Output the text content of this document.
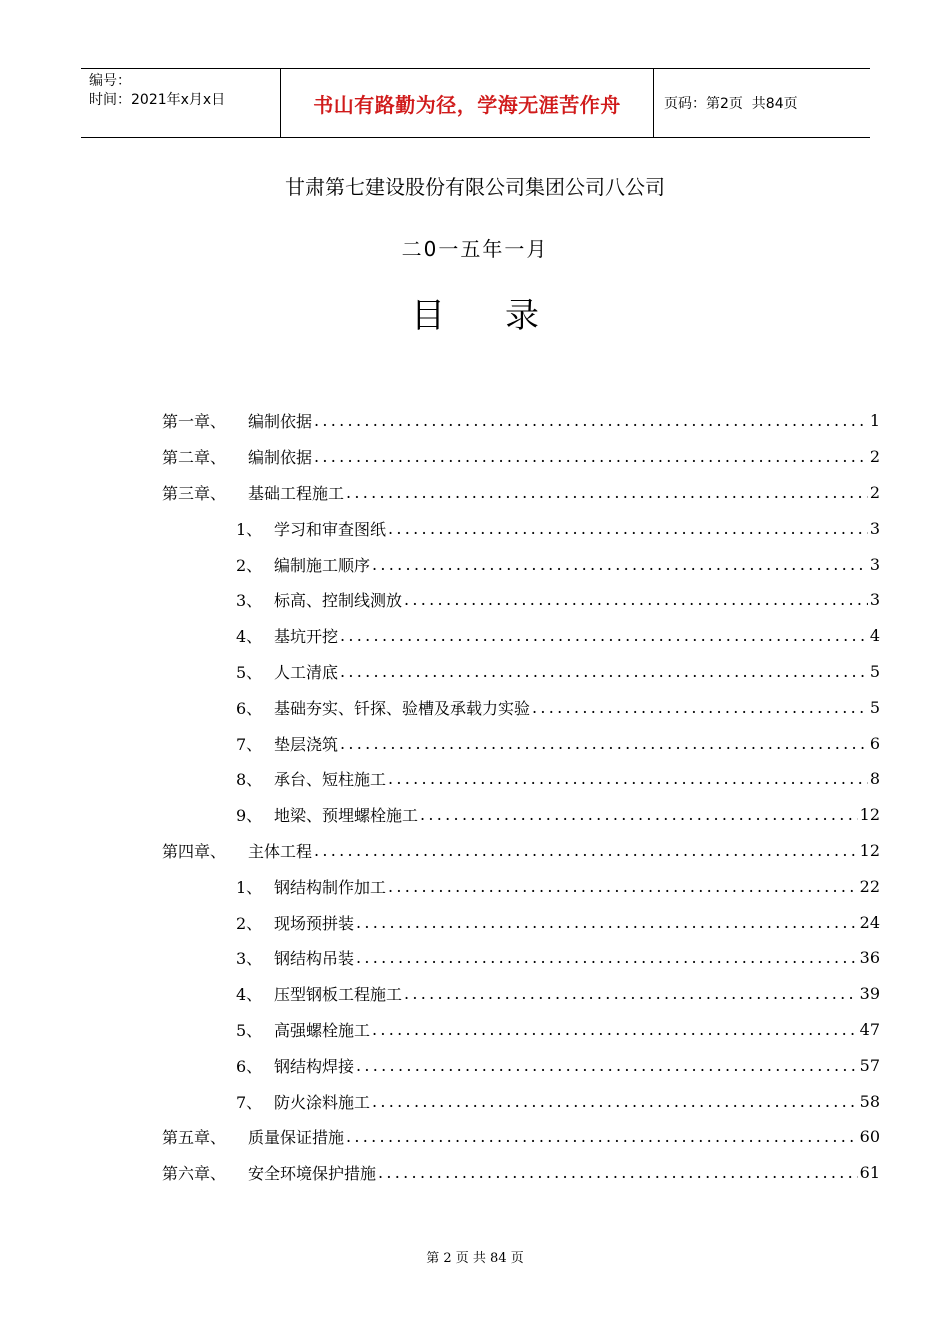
编号：
时间：2021年x月x日	书山有路勤为径，学海无涯苦作舟	页码：第2页  共84页
甘肃第七建设股份有限公司集团公司八公司
二0一五年一月
目 录
第一章、	编制依据 .....	1
第二章、	编制依据 .....	2
第三章、	基础工程施工 .....	2
1、 学习和审查图纸 .....	3
2、 编制施工顺序 .....	3
3、 标高、控制线测放 .....	3
4、 基坑开挖 .....	4
5、 人工清底 .....	5
6、 基础夯实、钎探、验槽及承载力实验 .....	5
7、 垫层浇筑 .....	6
8、 承台、短柱施工 .....	8
9、 地梁、预埋螺栓施工 .....	12
第四章、	主体工程 .....	12
1、 钢结构制作加工 .....	22
2、 现场预拼装 .....	24
3、 钢结构吊装 .....	36
4、 压型钢板工程施工 .....	39
5、 高强螺栓施工 .....	47
6、 钢结构焊接 .....	57
7、 防火涂料施工 .....	58
第五章、	质量保证措施 .....	60
第六章、	安全环境保护措施 .....	61
第 2 页 共 84 页
